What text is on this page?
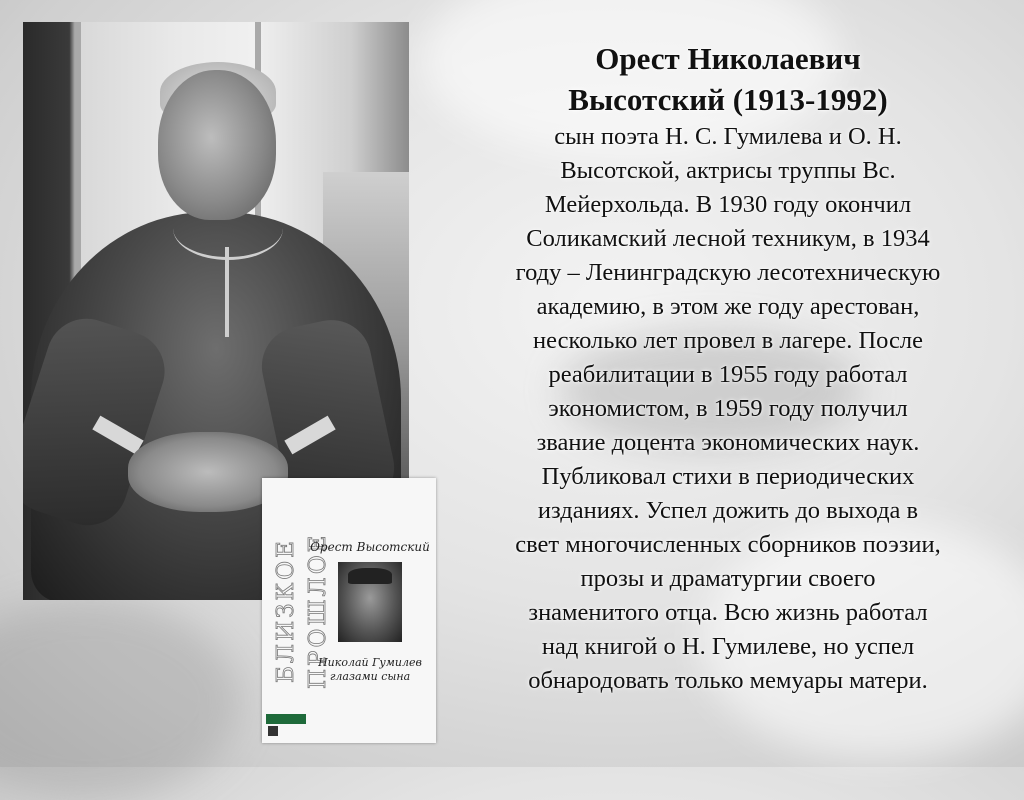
БЛИЗКОЕ ПРОШЛОЕ
Орест Высотский
Николай Гумилев
глазами сына
Орест Николаевич
Высотский (1913-1992)
сын поэта Н. С. Гумилева и О. Н.
Высотской, актрисы труппы Вс.
Мейерхольда. В 1930 году окончил
Соликамский лесной техникум, в 1934
году – Ленинградскую лесотехническую
академию, в этом же году арестован,
несколько лет провел в лагере. После
реабилитации в 1955 году работал
экономистом, в 1959 году получил
звание доцента экономических наук.
Публиковал стихи в периодических
изданиях. Успел дожить до выхода в
свет многочисленных сборников поэзии,
прозы и драматургии своего
знаменитого отца. Всю жизнь работал
над книгой о Н. Гумилеве, но успел
обнародовать только мемуары матери.
